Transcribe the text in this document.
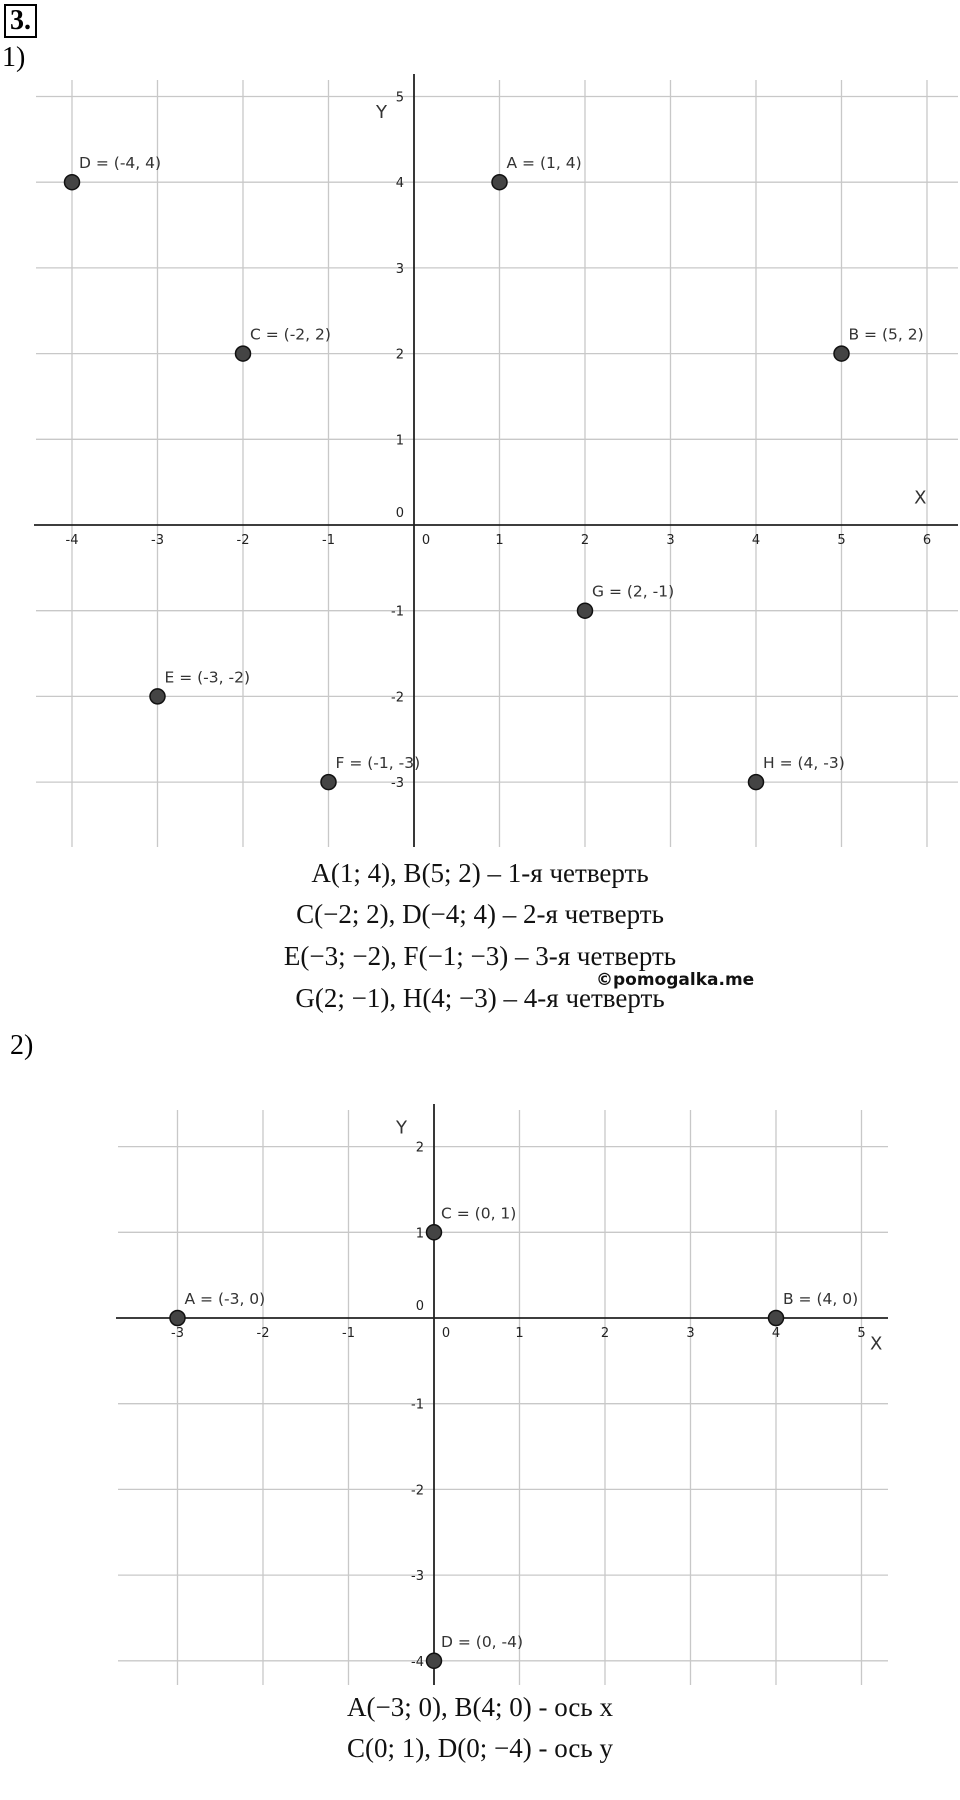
3.
1)
2)
-4	-3	-2	-1	0	1	2	3	4	5	6
5
4
3
2
1
0
-1
-2
-3
X
Y
A = (1, 4)
B = (5, 2)
C = (-2, 2)
D = (-4, 4)
E = (-3, -2)
F = (-1, -3)
G = (2, -1)
H = (4, -3)
-3	-2	-1	0	1	2	3	4	5
2
1
0
-1
-2
-3
-4
X
Y
A = (-3, 0)	B = (4, 0)
C = (0, 1)
D = (0, -4)
A(1; 4), B(5; 2) – 1-я четверть
C(−2; 2), D(−4; 4) – 2-я четверть
E(−3; −2), F(−1; −3) – 3-я четверть
G(2; −1), H(4; −3) – 4-я четверть
©pomogalka.me
A(−3; 0), B(4; 0) - ось x
C(0; 1), D(0; −4) - ось y
